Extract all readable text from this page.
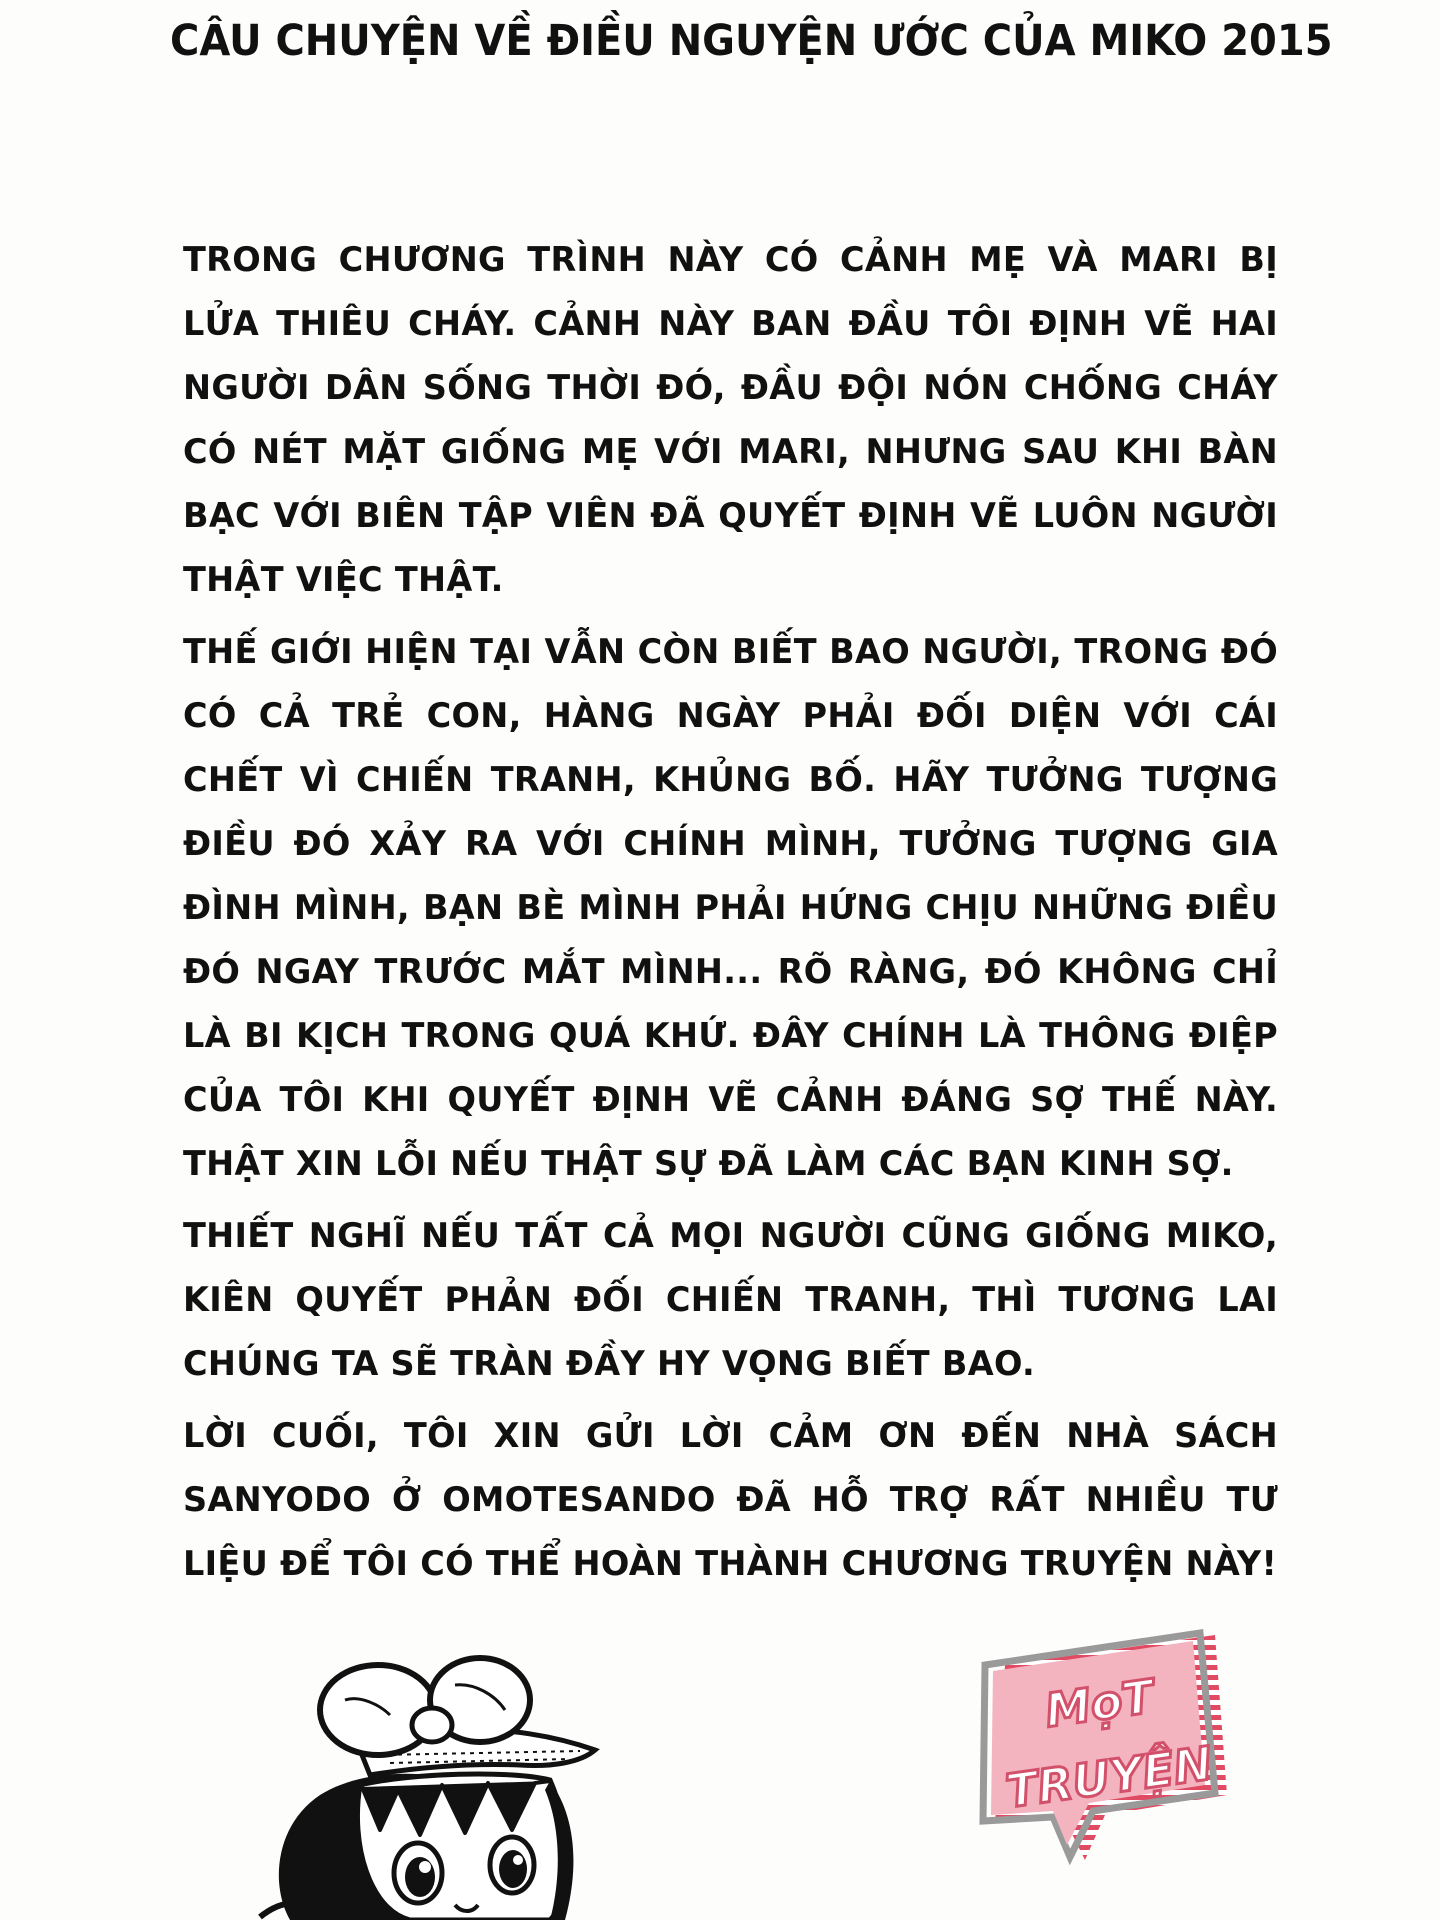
CÂU CHUYỆN VỀ ĐIỀU NGUYỆN ƯỚC CỦA MIKO 2015

TRONG CHƯƠNG TRÌNH NÀY CÓ CẢNH MẸ VÀ MARI BỊ LỬA THIÊU CHÁY. CẢNH NÀY BAN ĐẦU TÔI ĐỊNH VẼ HAI NGƯỜI DÂN SỐNG THỜI ĐÓ, ĐẦU ĐỘI NÓN CHỐNG CHÁY CÓ NÉT MẶT GIỐNG MẸ VỚI MARI, NHƯNG SAU KHI BÀN BẠC VỚI BIÊN TẬP VIÊN ĐÃ QUYẾT ĐỊNH VẼ LUÔN NGƯỜI THẬT VIỆC THẬT.

THẾ GIỚI HIỆN TẠI VẪN CÒN BIẾT BAO NGƯỜI, TRONG ĐÓ CÓ CẢ TRẺ CON, HÀNG NGÀY PHẢI ĐỐI DIỆN VỚI CÁI CHẾT VÌ CHIẾN TRANH, KHỦNG BỐ. HÃY TƯỞNG TƯỢNG ĐIỀU ĐÓ XẢY RA VỚI CHÍNH MÌNH, TƯỞNG TƯỢNG GIA ĐÌNH MÌNH, BẠN BÈ MÌNH PHẢI HỨNG CHỊU NHỮNG ĐIỀU ĐÓ NGAY TRƯỚC MẮT MÌNH... RÕ RÀNG, ĐÓ KHÔNG CHỈ LÀ BI KỊCH TRONG QUÁ KHỨ. ĐÂY CHÍNH LÀ THÔNG ĐIỆP CỦA TÔI KHI QUYẾT ĐỊNH VẼ CẢNH ĐÁNG SỢ THẾ NÀY. THẬT XIN LỖI NẾU THẬT SỰ ĐÃ LÀM CÁC BẠN KINH SỢ.

THIẾT NGHĨ NẾU TẤT CẢ MỌI NGƯỜI CŨNG GIỐNG MIKO, KIÊN QUYẾT PHẢN ĐỐI CHIẾN TRANH, THÌ TƯƠNG LAI CHÚNG TA SẼ TRÀN ĐẦY HY VỌNG BIẾT BAO.

LỜI CUỐI, TÔI XIN GỬI LỜI CẢM ƠN ĐẾN NHÀ SÁCH SANYODO Ở OMOTESANDO ĐÃ HỖ TRỢ RẤT NHIỀU TƯ LIỆU ĐỂ TÔI CÓ THỂ HOÀN THÀNH CHƯƠNG TRUYỆN NÀY!

MọT
TRUYỆN
